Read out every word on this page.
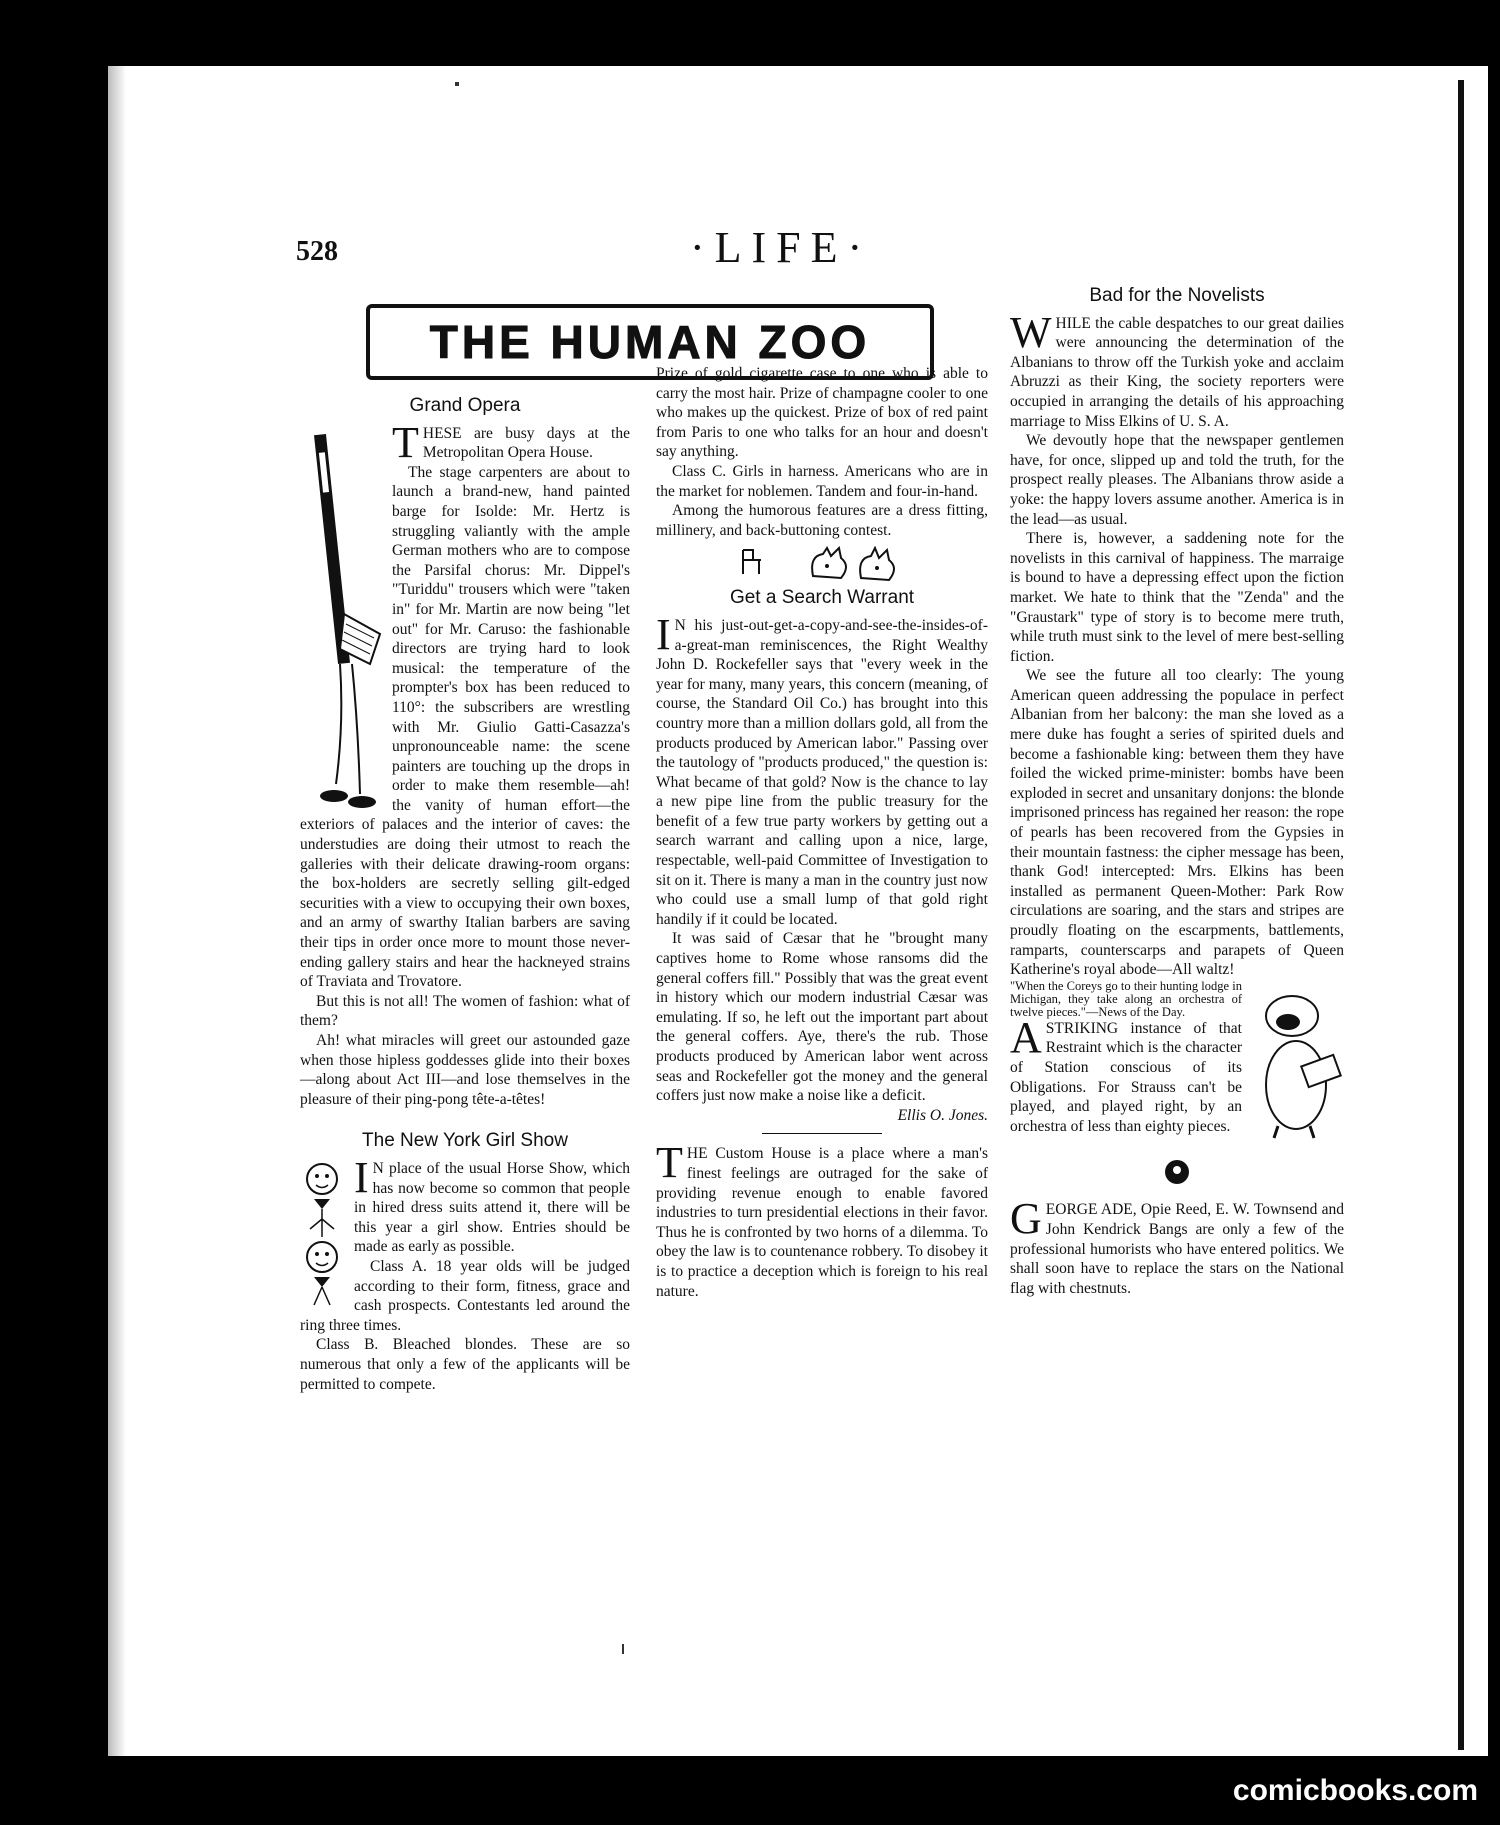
528	·LIFE·
THE HUMAN ZOO
Grand Opera

THESE are busy days at the Metropolitan Opera House.

The stage carpenters are about to launch a brand-new, hand painted barge for Isolde: Mr. Hertz is struggling valiantly with the ample German mothers who are to compose the Parsifal chorus: Mr. Dippel's "Turiddu" trousers which were "taken in" for Mr. Martin are now being "let out" for Mr. Caruso: the fashionable directors are trying hard to look musical: the temperature of the prompter's box has been reduced to 110°: the subscribers are wrestling with Mr. Giulio Gatti-Casazza's unpronounceable name: the scene painters are touching up the drops in order to make them resemble—ah! the vanity of human effort—the exteriors of palaces and the interior of caves: the understudies are doing their utmost to reach the galleries with their delicate drawing-room organs: the box-holders are secretly selling gilt-edged securities with a view to occupying their own boxes, and an army of swarthy Italian barbers are saving their tips in order once more to mount those never-ending gallery stairs and hear the hackneyed strains of Traviata and Trovatore.

But this is not all! The women of fashion: what of them?

Ah! what miracles will greet our astounded gaze when those hipless goddesses glide into their boxes—along about Act III—and lose themselves in the pleasure of their ping-pong tête-a-têtes!

The New York Girl Show

I N place of the usual Horse Show, which has now become so common that people in hired dress suits attend it, there will be this year a girl show. Entries should be made as early as possible.

Class A. 18 year olds will be judged according to their form, fitness, grace and cash prospects. Contestants led around the ring three times.

Class B. Bleached blondes. These are so numerous that only a few of the applicants will be permitted to compete.

Prize of gold cigarette case to one who is able to carry the most hair. Prize of champagne cooler to one who makes up the quickest. Prize of box of red paint from Paris to one who talks for an hour and doesn't say anything.

Class C. Girls in harness. Americans who are in the market for noblemen. Tandem and four-in-hand.

Among the humorous features are a dress fitting, millinery, and back-buttoning contest.

Get a Search Warrant

I N his just-out-get-a-copy-and-see-the-insides-of-a-great-man reminiscences, the Right Wealthy John D. Rockefeller says that "every week in the year for many, many years, this concern (meaning, of course, the Standard Oil Co.) has brought into this country more than a million dollars gold, all from the products produced by American labor." Passing over the tautology of "products produced," the question is: What became of that gold? Now is the chance to lay a new pipe line from the public treasury for the benefit of a few true party workers by getting out a search warrant and calling upon a nice, large, respectable, well-paid Committee of Investigation to sit on it. There is many a man in the country just now who could use a small lump of that gold right handily if it could be located.

It was said of Cæsar that he "brought many captives home to Rome whose ransoms did the general coffers fill." Possibly that was the great event in history which our modern industrial Cæsar was emulating. If so, he left out the important part about the general coffers. Aye, there's the rub. Those products produced by American labor went across seas and Rockefeller got the money and the general coffers just now make a noise like a deficit.

Ellis O. Jones.

THE Custom House is a place where a man's finest feelings are outraged for the sake of providing revenue enough to enable favored industries to turn presidential elections in their favor. Thus he is confronted by two horns of a dilemma. To obey the law is to countenance robbery. To disobey it is to practice a deception which is foreign to his real nature.

Bad for the Novelists

WHILE the cable despatches to our great dailies were announcing the determination of the Albanians to throw off the Turkish yoke and acclaim Abruzzi as their King, the society reporters were occupied in arranging the details of his approaching marriage to Miss Elkins of U. S. A.

We devoutly hope that the newspaper gentlemen have, for once, slipped up and told the truth, for the prospect really pleases. The Albanians throw aside a yoke: the happy lovers assume another. America is in the lead—as usual.

There is, however, a saddening note for the novelists in this carnival of happiness. The marraige is bound to have a depressing effect upon the fiction market. We hate to think that the "Zenda" and the "Graustark" type of story is to become mere truth, while truth must sink to the level of mere best-selling fiction.

We see the future all too clearly: The young American queen addressing the populace in perfect Albanian from her balcony: the man she loved as a mere duke has fought a series of spirited duels and become a fashionable king: between them they have foiled the wicked prime-minister: bombs have been exploded in secret and unsanitary donjons: the blonde imprisoned princess has regained her reason: the rope of pearls has been recovered from the Gypsies in their mountain fastness: the cipher message has been, thank God! intercepted: Mrs. Elkins has been installed as permanent Queen-Mother: Park Row circulations are soaring, and the stars and stripes are proudly floating on the escarpments, battlements, ramparts, counterscarps and parapets of Queen Katherine's royal abode—All waltz!

"When the Coreys go to their hunting lodge in Michigan, they take along an orchestra of twelve pieces."—News of the Day.

ASTRIKING instance of that Restraint which is the character of Station conscious of its Obligations. For Strauss can't be played, and played right, by an orchestra of less than eighty pieces.

GEORGE ADE, Opie Reed, E. W. Townsend and John Kendrick Bangs are only a few of the professional humorists who have entered politics. We shall soon have to replace the stars on the National flag with chestnuts.

comicbooks.com
